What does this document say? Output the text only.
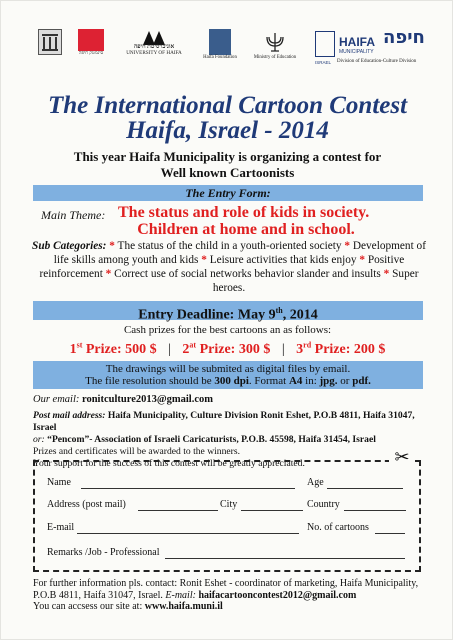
סינמטק חיפה
אוניברסיטת חיפה
UNIVERSITY OF HAIFA
Haifa Foundation	Ministry of Education
HAIFA חיפה
MUNICIPALITY
ISRAEL Division of Education-Culture Division
The International Cartoon Contest
Haifa, Israel - 2014
This year Haifa Municipality is organizing a contest for
Well known Cartoonists
The Entry Form:
Main Theme: The status and role of kids in society.
Children at home and in school.
Sub Categories: * The status of the child in a youth-oriented society * Development of life skills among youth and kids * Leisure activities that kids enjoy * Positive reinforcement * Correct use of social networks behavior slander and insults * Super heroes.
Entry Deadline: May 9th, 2014
Cash prizes for the best cartoons an as follows:
1st Prize: 500 $ | $2^{at}$ Prize: 300 $ | 3rd Prize: 200 $
The drawings will be submited as digital files by email.
The file resolution should be 300 dpi. Format A4 in: jpg. or pdf.
Our email: ronitculture2013@gmail.com
Post mail address: Haifa Municipality, Culture Division Ronit Eshet, P.O.B 4811, Haifa 31047, Israel
or: “Pencom”- Association of Israeli Caricaturists, P.O.B. 45598, Haifa 31454, Israel
Prizes and certificates will be awarded to the winners.
Your support for the success of this contest will be greatly appreciated.	✂
Name	Age
Address (post mail)	City	Country
E-mail	No. of cartoons
Remarks /Job - Professional
For further information pls. contact: Ronit Eshet - coordinator of marketing, Haifa Municipality,
P.O.B 4811, Haifa 31047, Israel. E-mail: haifacartooncontest2012@gmail.com
You can accsess our site at: www.haifa.muni.il
